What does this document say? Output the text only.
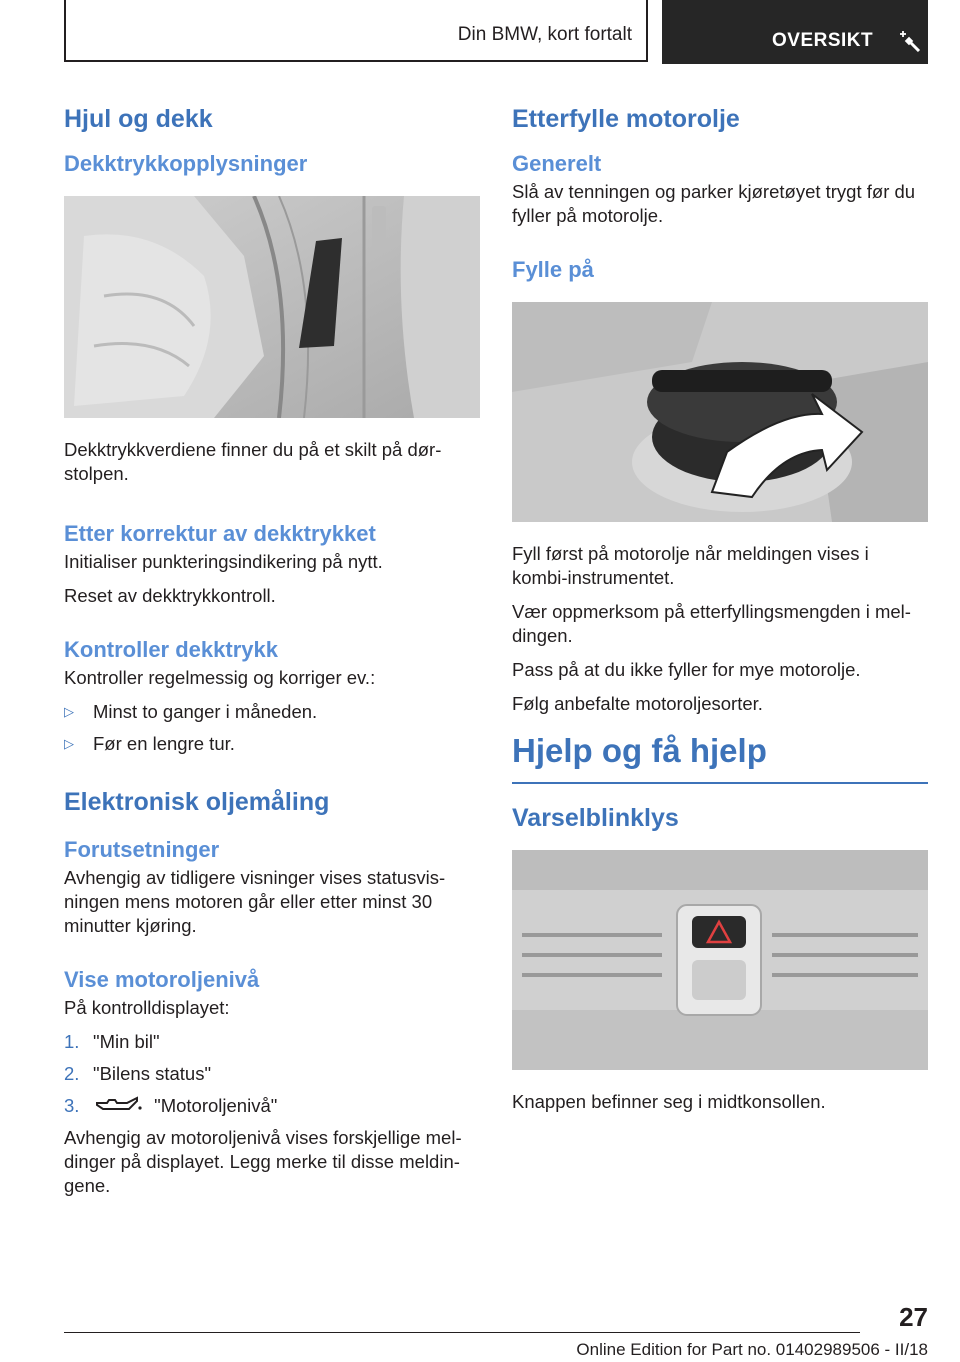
Din BMW, kort fortalt	OVERSIKT
Hjul og dekk
Dekktrykkopplysninger

Dekktrykkverdiene finner du på et skilt på dørstolpen.

Etter korrektur av dekktrykket

Initialiser punkteringsindikering på nytt.

Reset av dekktrykkontroll.

Kontroller dekktrykk

Kontroller regelmessig og korriger ev.:

▷ Minst to ganger i måneden.
▷ Før en lengre tur.
Elektronisk oljemåling
Forutsetninger

Avhengig av tidligere visninger vises statusvisningen mens motoren går eller etter minst 30 minutter kjøring.

Vise motoroljenivå

På kontrolldisplayet:

1. "Min bil"
2. "Bilens status"
3.	"Motoroljenivå"

Avhengig av motoroljenivå vises forskjellige meldinger på displayet. Legg merke til disse meldingene.

Etterfylle motorolje
Generelt

Slå av tenningen og parker kjøretøyet trygt før du fyller på motorolje.

Fylle på

Fyll først på motorolje når meldingen vises i kombi-instrumentet.

Vær oppmerksom på etterfyllingsmengden i meldingen.

Pass på at du ikke fyller for mye motorolje.

Følg anbefalte motoroljesorter.

Hjelp og få hjelp
Varselblinklys

Knappen befinner seg i midtkonsollen.

27
Online Edition for Part no. 01402989506 - II/18
